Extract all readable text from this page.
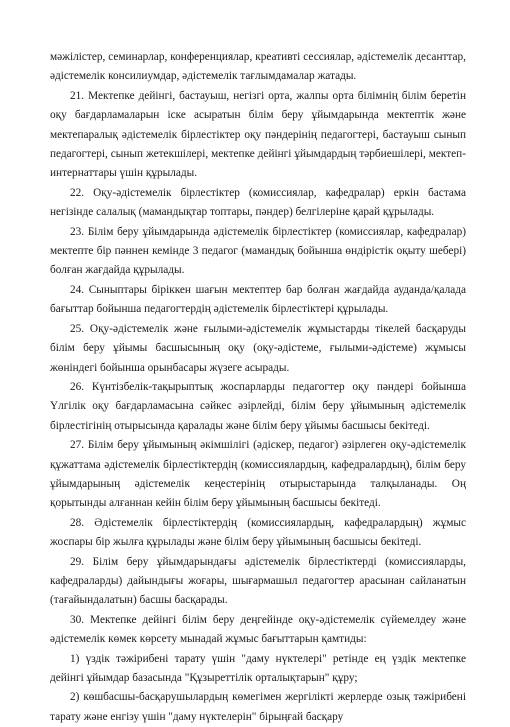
мәжілістер, семинарлар, конференциялар, креативті сессиялар, әдістемелік десанттар, әдістемелік консилиумдар, әдістемелік тағлымдамалар жатады.

21. Мектепке дейінгі, бастауыш, негізгі орта, жалпы орта білімнің білім беретін оқу бағдарламаларын іске асыратын білім беру ұйымдарында мектептік және мектепаралық әдістемелік бірлестіктер оқу пәндерінің педагогтері, бастауыш сынып педагогтері, сынып жетекшілері, мектепке дейінгі ұйымдардың тәрбиешілері, мектеп-интернаттары үшін құрылады.

22. Оқу-әдістемелік бірлестіктер (комиссиялар, кафедралар) еркін бастама негізінде салалық (мамандықтар топтары, пәндер) белгілеріне қарай құрылады.

23. Білім беру ұйымдарында әдістемелік бірлестіктер (комиссиялар, кафедралар) мектепте бір пәннен кемінде 3 педагог (мамандық бойынша өндірістік оқыту шебері) болған жағдайда құрылады.

24. Сыныптары біріккен шағын мектептер бар болған жағдайда ауданда/қалада бағыттар бойынша педагогтердің әдістемелік бірлестіктері құрылады.

25. Оқу-әдістемелік және ғылыми-әдістемелік жұмыстарды тікелей басқаруды білім беру ұйымы басшысының оқу (оқу-әдістеме, ғылыми-әдістеме) жұмысы жөніндегі бойынша орынбасары жүзеге асырады.

26. Күнтізбелік-тақырыптық жоспарларды педагогтер оқу пәндері бойынша Үлгілік оқу бағдарламасына сәйкес әзірлейді, білім беру ұйымының әдістемелік бірлестігінің отырысында қаралады және білім беру ұйымы басшысы бекітеді.

27. Білім беру ұйымының әкімшілігі (әдіскер, педагог) әзірлеген оқу-әдістемелік құжаттама әдістемелік бірлестіктердің (комиссиялардың, кафедралардың), білім беру ұйымдарының әдістемелік кеңестерінің отырыстарында талқыланады. Оң қорытынды алғаннан кейін білім беру ұйымының басшысы бекітеді.

28. Әдістемелік бірлестіктердің (комиссиялардың, кафедралардың) жұмыс жоспары бір жылға құрылады және білім беру ұйымының басшысы бекітеді.

29. Білім беру ұйымдарындағы әдістемелік бірлестіктерді (комиссияларды, кафедраларды) дайындығы жоғары, шығармашыл педагогтер арасынан сайланатын (тағайындалатын) басшы басқарады.

30. Мектепке дейінгі білім беру деңгейінде оқу-әдістемелік сүйемелдеу және әдістемелік көмек көрсету мынадай жұмыс бағыттарын қамтиды:

1) үздік тәжірибені тарату үшін "даму нүктелері" ретінде ең үздік мектепке дейінгі ұйымдар базасында "Құзыреттілік орталықтарын" құру;

2) көшбасшы-басқарушылардың көмегімен жергілікті жерлерде озық тәжірибені тарату және енгізу үшін "даму нүктелерін" бірыңғай басқару
